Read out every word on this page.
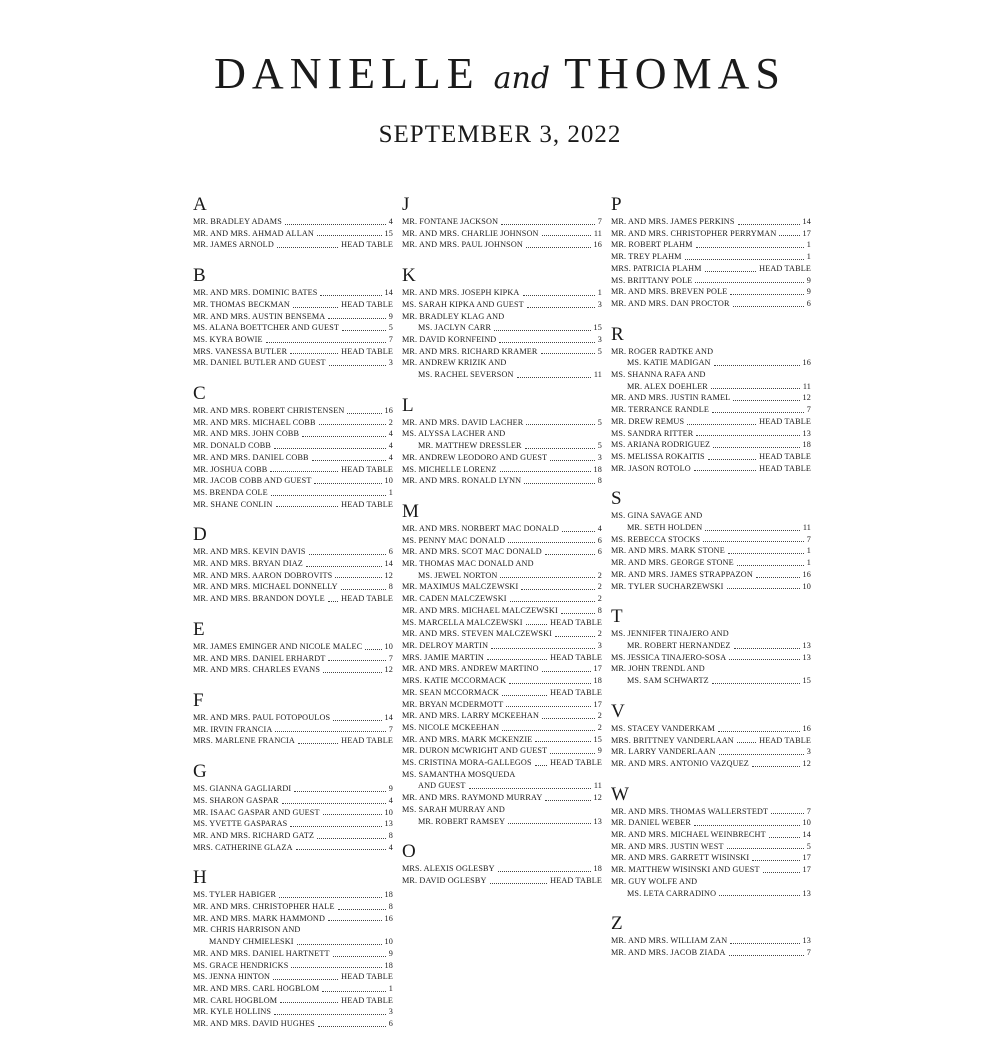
DANIELLE and THOMAS
SEPTEMBER 3, 2022
A
MR. BRADLEY ADAMS	4
MR. AND MRS. AHMAD ALLAN	15
MR. JAMES ARNOLD	HEAD TABLE
B
MR. AND MRS. DOMINIC BATES	14
MR. THOMAS BECKMAN	HEAD TABLE
MR. AND MRS. AUSTIN BENSEMA	9
MS. ALANA BOETTCHER AND GUEST	5
MS. KYRA BOWIE	7
MRS. VANESSA BUTLER	HEAD TABLE
MR. DANIEL BUTLER AND GUEST	3
C
MR. AND MRS. ROBERT CHRISTENSEN	16
MR. AND MRS. MICHAEL COBB	2
MR. AND MRS. JOHN COBB	4
MR. DONALD COBB	4
MR. AND MRS. DANIEL COBB	4
MR. JOSHUA COBB	HEAD TABLE
MR. JACOB COBB AND GUEST	10
MS. BRENDA COLE	1
MR. SHANE CONLIN	HEAD TABLE
D
MR. AND MRS. KEVIN DAVIS	6
MR. AND MRS. BRYAN DIAZ	14
MR. AND MRS. AARON DOBROVITS	12
MR. AND MRS. MICHAEL DONNELLY	8
MR. AND MRS. BRANDON DOYLE HEAD TABLE
E
MR. JAMES EMINGER AND NICOLE MALEC	10
MR. AND MRS. DANIEL ERHARDT	7
MR. AND MRS. CHARLES EVANS	12
F
MR. AND MRS. PAUL FOTOPOULOS	14
MR. IRVIN FRANCIA	7
MRS. MARLENE FRANCIA	HEAD TABLE
G
MS. GIANNA GAGLIARDI	9
MS. SHARON GASPAR	4
MR. ISAAC GASPAR AND GUEST	10
MS. YVETTE GASPARAS	13
MR. AND MRS. RICHARD GATZ	8
MRS. CATHERINE GLAZA	4
H
MS. TYLER HABIGER	18
MR. AND MRS. CHRISTOPHER HALE	8
MR. AND MRS. MARK HAMMOND	16
MR. CHRIS HARRISON AND
MANDY CHMIELESKI	10
MR. AND MRS. DANIEL HARTNETT	9
MS. GRACE HENDRICKS	18
MS. JENNA HINTON	HEAD TABLE
MR. AND MRS. CARL HOGBLOM	1
MR. CARL HOGBLOM	HEAD TABLE
MR. KYLE HOLLINS	3
MR. AND MRS. DAVID HUGHES	6
J
MR. FONTANE JACKSON	7
MR. AND MRS. CHARLIE JOHNSON	11
MR. AND MRS. PAUL JOHNSON	16
K
MR. AND MRS. JOSEPH KIPKA	1
MS. SARAH KIPKA AND GUEST	3
MR. BRADLEY KLAG AND
MS. JACLYN CARR	15
MR. DAVID KORNFEIND	3
MR. AND MRS. RICHARD KRAMER	5
MR. ANDREW KRIZIK AND
MS. RACHEL SEVERSON	11
L
MR. AND MRS. DAVID LACHER	5
MS. ALYSSA LACHER AND
MR. MATTHEW DRESSLER	5
MR. ANDREW LEODORO AND GUEST	3
MS. MICHELLE LORENZ	18
MR. AND MRS. RONALD LYNN	8
M
MR. AND MRS. NORBERT MAC DONALD	4
MS. PENNY MAC DONALD	6
MR. AND MRS. SCOT MAC DONALD	6
MR. THOMAS MAC DONALD AND
MS. JEWEL NORTON	2
MR. MAXIMUS MALCZEWSKI	2
MR. CADEN MALCZEWSKI	2
MR. AND MRS. MICHAEL MALCZEWSKI	8
MS. MARCELLA MALCZEWSKI	HEAD TABLE
MR. AND MRS. STEVEN MALCZEWSKI	2
MR. DELROY MARTIN	3
MRS. JAMIE MARTIN	HEAD TABLE
MR. AND MRS. ANDREW MARTINO	17
MRS. KATIE MCCORMACK	18
MR. SEAN MCCORMACK	HEAD TABLE
MR. BRYAN MCDERMOTT	17
MR. AND MRS. LARRY MCKEEHAN	2
MS. NICOLE MCKEEHAN	2
MR. AND MRS. MARK MCKENZIE	15
MR. DURON MCWRIGHT AND GUEST	9
MS. CRISTINA MORA-GALLEGOS HEAD TABLE
MS. SAMANTHA MOSQUEDA
AND GUEST	11
MR. AND MRS. RAYMOND MURRAY	12
MS. SARAH MURRAY AND
MR. ROBERT RAMSEY	13
O
MRS. ALEXIS OGLESBY	18
MR. DAVID OGLESBY	HEAD TABLE
P
MR. AND MRS. JAMES PERKINS	14
MR. AND MRS. CHRISTOPHER PERRYMAN	17
MR. ROBERT PLAHM	1
MR. TREY PLAHM	1
MRS. PATRICIA PLAHM	HEAD TABLE
MS. BRITTANY POLE	9
MR. AND MRS. BREVEN POLE	9
MR. AND MRS. DAN PROCTOR	6
R
MR. ROGER RADTKE AND
MS. KATIE MADIGAN	16
MS. SHANNA RAFA AND
MR. ALEX DOEHLER	11
MR. AND MRS. JUSTIN RAMEL	12
MR. TERRANCE RANDLE	7
MR. DREW REMUS	HEAD TABLE
MS. SANDRA RITTER	13
MS. ARIANA RODRIGUEZ	18
MS. MELISSA ROKAITIS	HEAD TABLE
MR. JASON ROTOLO	HEAD TABLE
S
MS. GINA SAVAGE AND
MR. SETH HOLDEN	11
MS. REBECCA STOCKS	7
MR. AND MRS. MARK STONE	1
MR. AND MRS. GEORGE STONE	1
MR. AND MRS. JAMES STRAPPAZON	16
MR. TYLER SUCHARZEWSKI	10
T
MS. JENNIFER TINAJERO AND
MR. ROBERT HERNANDEZ	13
MS. JESSICA TINAJERO-SOSA	13
MR. JOHN TRENDL AND
MS. SAM SCHWARTZ	15
V
MS. STACEY VANDERKAM	16
MRS. BRITTNEY VANDERLAAN	HEAD TABLE
MR. LARRY VANDERLAAN	3
MR. AND MRS. ANTONIO VAZQUEZ	12
W
MR. AND MRS. THOMAS WALLERSTEDT	7
MR. DANIEL WEBER	10
MR. AND MRS. MICHAEL WEINBRECHT	14
MR. AND MRS. JUSTIN WEST	5
MR. AND MRS. GARRETT WISINSKI	17
MR. MATTHEW WISINSKI AND GUEST	17
MR. GUY WOLFE AND
MS. LETA CARRADINO	13
Z
MR. AND MRS. WILLIAM ZAN	13
MR. AND MRS. JACOB ZIADA	7
